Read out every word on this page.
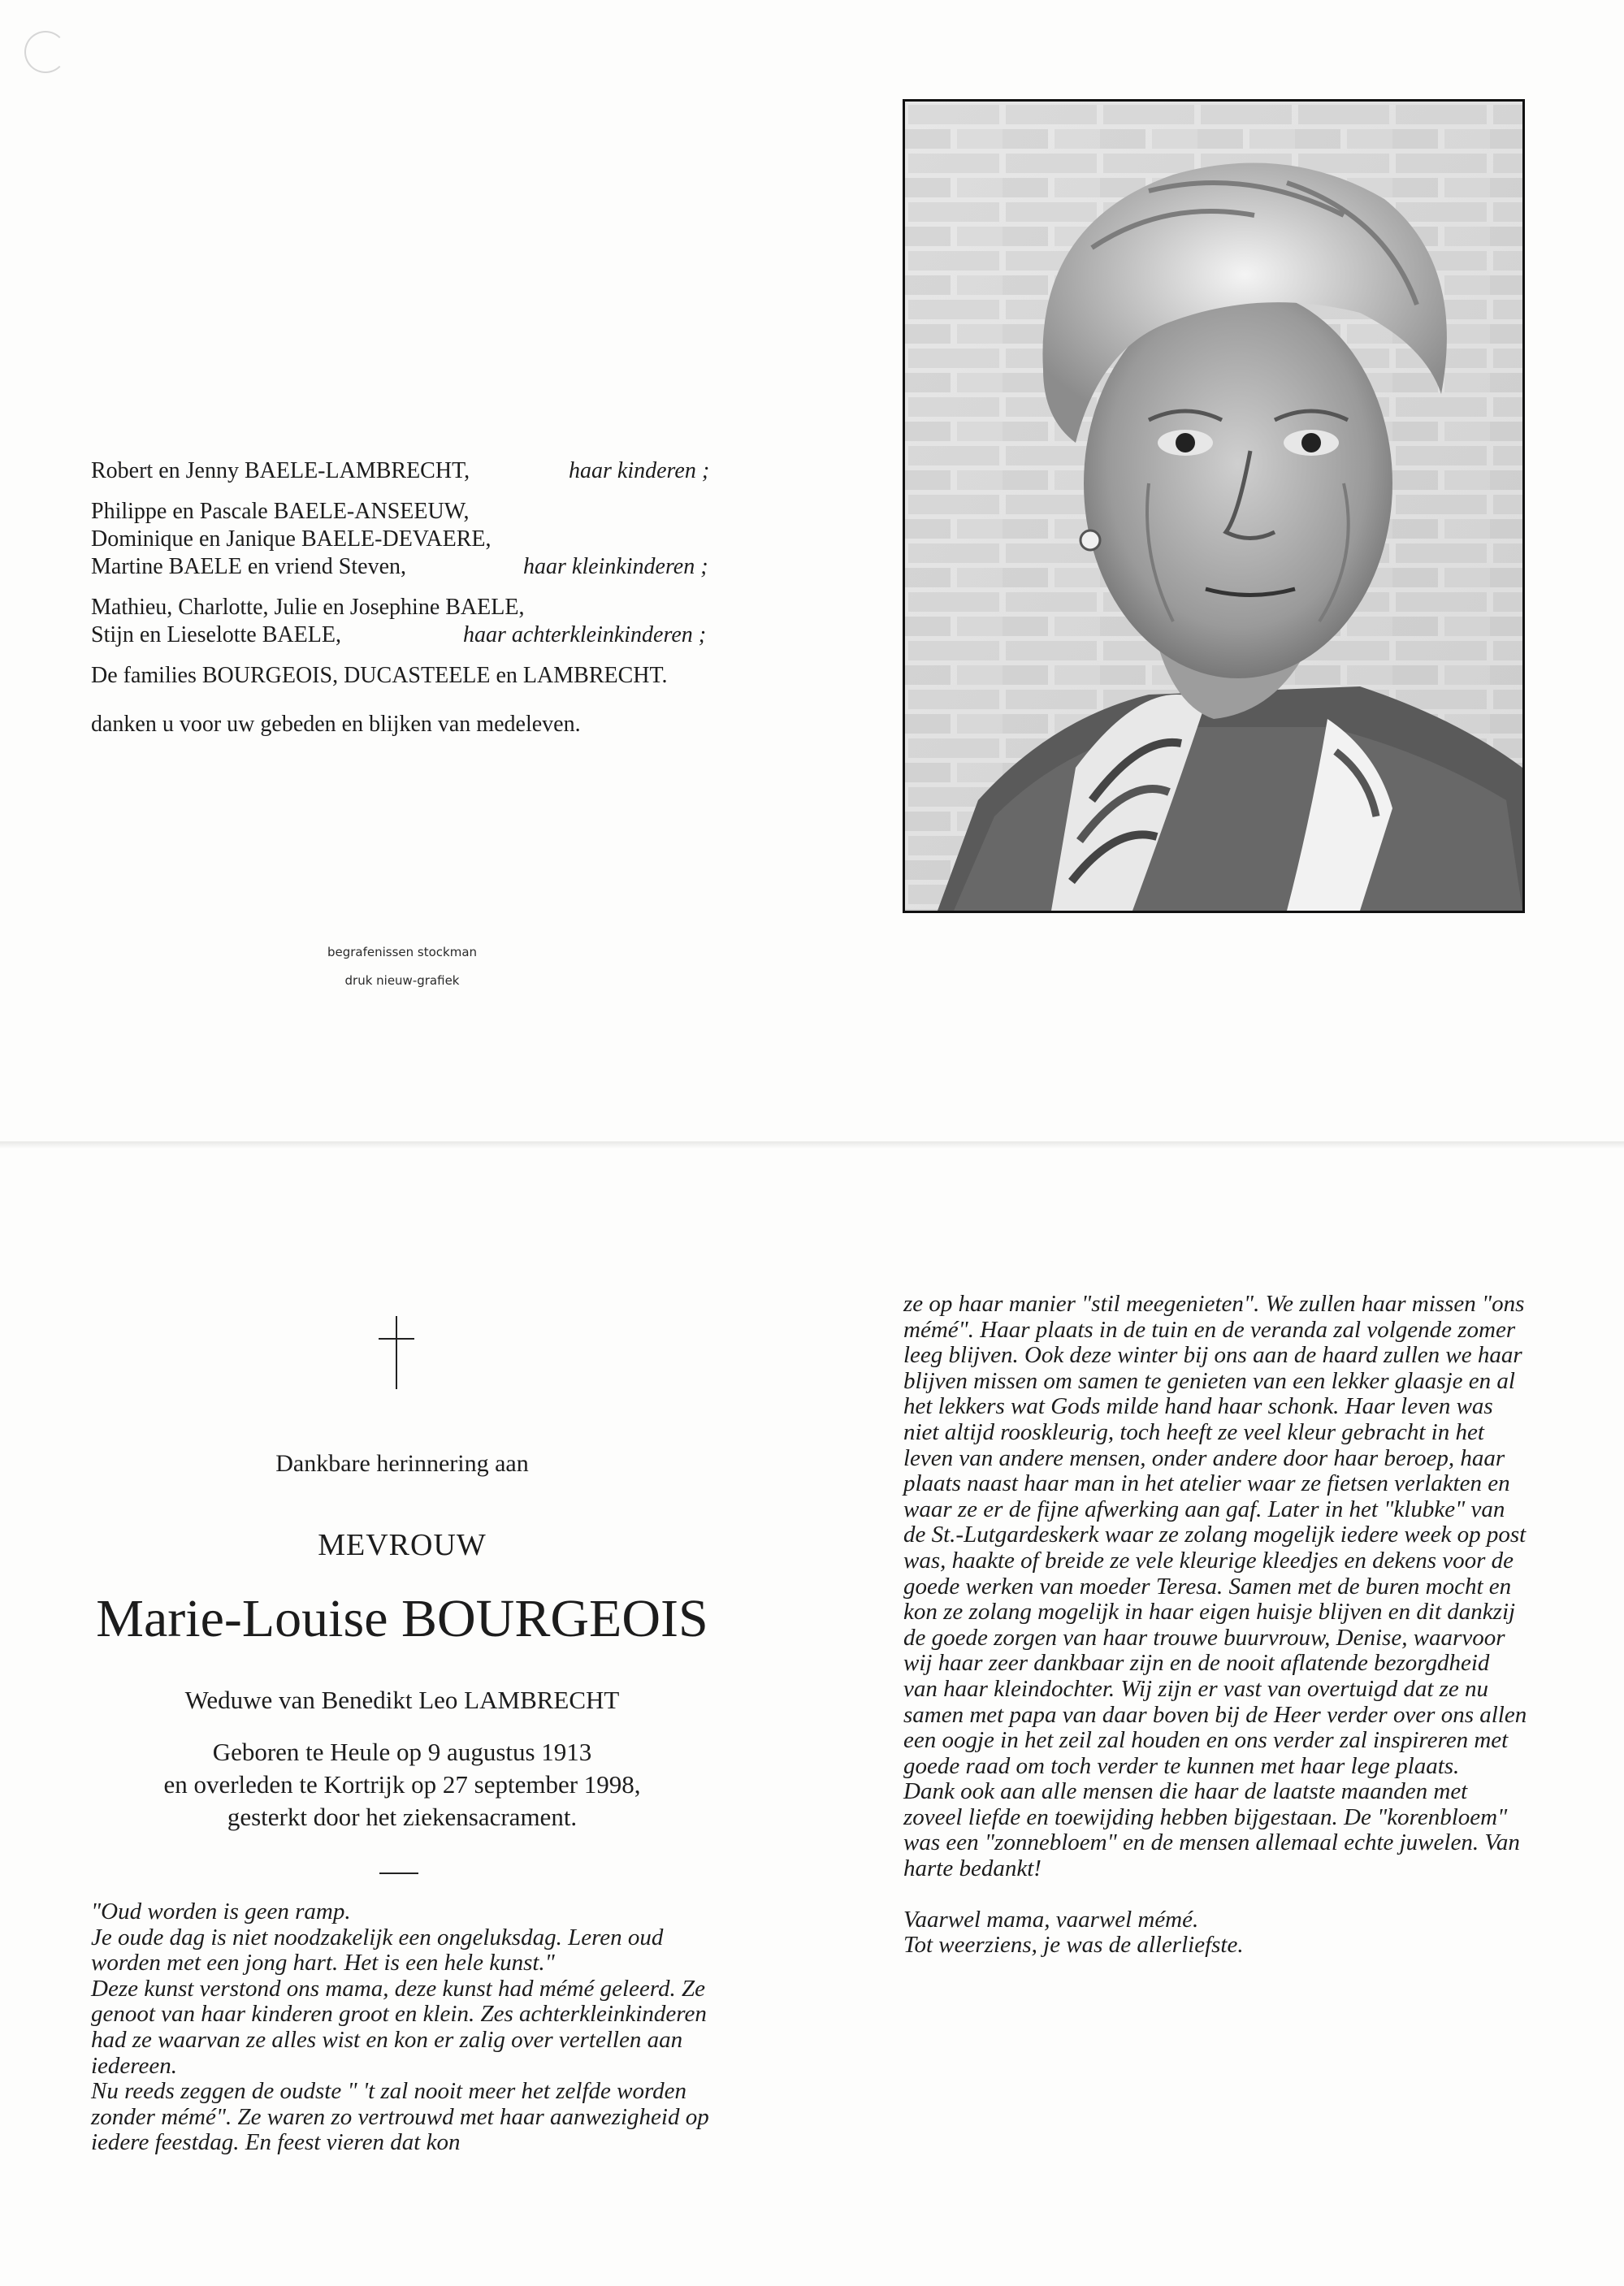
Robert en Jenny BAELE-LAMBRECHT,	haar kinderen ;
Philippe en Pascale BAELE-ANSEEUW,
Dominique en Janique BAELE-DEVAERE,
Martine BAELE en vriend Steven,	haar kleinkinderen ;
Mathieu, Charlotte, Julie en Josephine BAELE,
Stijn en Lieselotte BAELE,	haar achterkleinkinderen ;
De families BOURGEOIS, DUCASTEELE en LAMBRECHT.
danken u voor uw gebeden en blijken van medeleven.
begrafenissen stockman
druk nieuw-grafiek
Dankbare herinnering aan
MEVROUW
Marie-Louise BOURGEOIS
Weduwe van Benedikt Leo LAMBRECHT
Geboren te Heule op 9 augustus 1913
en overleden te Kortrijk op 27 september 1998,
gesterkt door het ziekensacrament.
"Oud worden is geen ramp.
Je oude dag is niet noodzakelijk een ongeluksdag. Leren oud worden met een jong hart. Het is een hele kunst."
Deze kunst verstond ons mama, deze kunst had mémé geleerd. Ze genoot van haar kinderen groot en klein. Zes achterkleinkinderen had ze waarvan ze alles wist en kon er zalig over vertellen aan iedereen.
Nu reeds zeggen de oudste " 't zal nooit meer het zelfde worden zonder mémé". Ze waren zo vertrouwd met haar aanwezigheid op iedere feestdag. En feest vieren dat kon
ze op haar manier "stil meegenieten". We zullen haar missen "ons mémé". Haar plaats in de tuin en de veranda zal volgende zomer leeg blijven. Ook deze winter bij ons aan de haard zullen we haar blijven missen om samen te genieten van een lekker glaasje en al het lekkers wat Gods milde hand haar schonk. Haar leven was niet altijd rooskleurig, toch heeft ze veel kleur gebracht in het leven van andere mensen, onder andere door haar beroep, haar plaats naast haar man in het atelier waar ze fietsen verlakten en waar ze er de fijne afwerking aan gaf. Later in het "klubke" van de St.-Lutgardeskerk waar ze zolang mogelijk iedere week op post was, haakte of breide ze vele kleurige kleedjes en dekens voor de goede werken van moeder Teresa. Samen met de buren mocht en kon ze zolang mogelijk in haar eigen huisje blijven en dit dankzij de goede zorgen van haar trouwe buurvrouw, Denise, waarvoor wij haar zeer dankbaar zijn en de nooit aflatende bezorgdheid van haar kleindochter. Wij zijn er vast van overtuigd dat ze nu samen met papa van daar boven bij de Heer verder over ons allen een oogje in het zeil zal houden en ons verder zal inspireren met goede raad om toch verder te kunnen met haar lege plaats.
Dank ook aan alle mensen die haar de laatste maanden met zoveel liefde en toewijding hebben bijgestaan. De "korenbloem" was een "zonnebloem" en de mensen allemaal echte juwelen. Van harte bedankt!
Vaarwel mama, vaarwel mémé.
Tot weerziens, je was de allerliefste.
